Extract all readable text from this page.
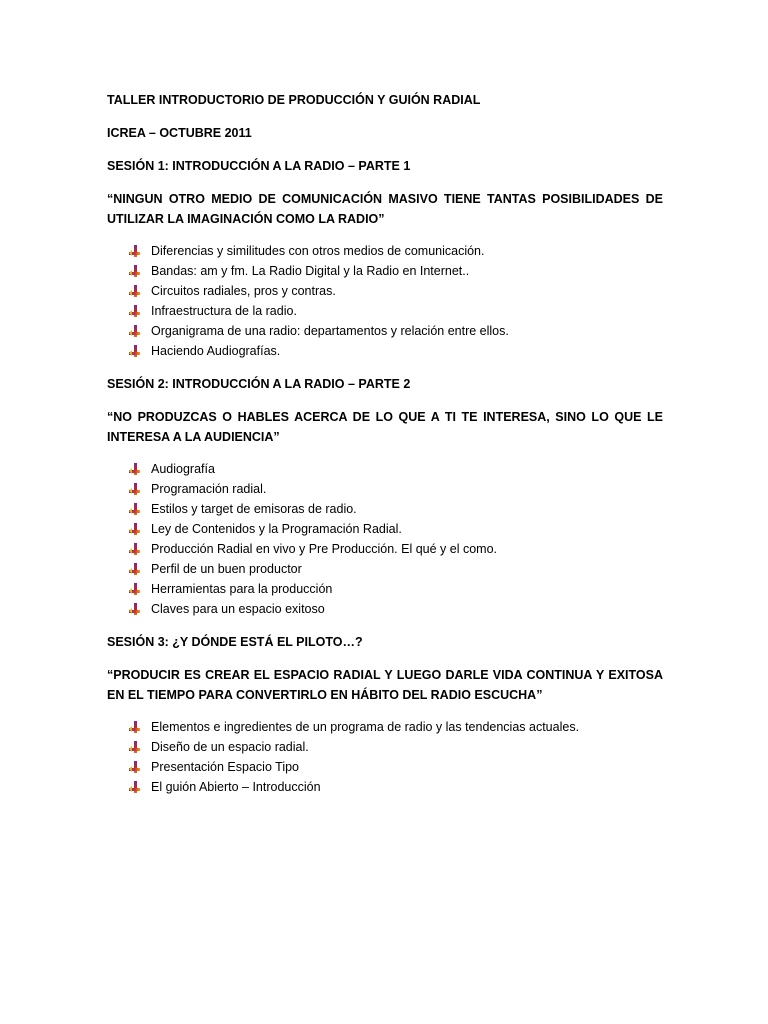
TALLER INTRODUCTORIO DE PRODUCCIÓN Y GUIÓN RADIAL

ICREA – OCTUBRE 2011

SESIÓN 1: INTRODUCCIÓN A LA RADIO – PARTE 1

“NINGUN OTRO MEDIO DE COMUNICACIÓN MASIVO TIENE TANTAS POSIBILIDADES DE UTILIZAR LA IMAGINACIÓN COMO LA RADIO”

Diferencias y similitudes con otros medios de comunicación.
Bandas: am y fm. La Radio Digital y la Radio en Internet..
Circuitos radiales, pros y contras.
Infraestructura de la radio.
Organigrama de una radio: departamentos y relación entre ellos.
Haciendo Audiografías.

SESIÓN 2: INTRODUCCIÓN A LA RADIO – PARTE 2

“NO PRODUZCAS O HABLES ACERCA DE LO QUE A TI TE INTERESA, SINO LO QUE LE INTERESA A LA AUDIENCIA”

Audiografía
Programación radial.
Estilos y target de emisoras de radio.
Ley de Contenidos y la Programación Radial.
Producción Radial en vivo y Pre Producción. El qué y el como.
Perfil de un buen productor
Herramientas para la producción
Claves para un espacio exitoso

SESIÓN 3: ¿Y DÓNDE ESTÁ EL PILOTO…?

“PRODUCIR ES CREAR EL ESPACIO RADIAL Y LUEGO DARLE VIDA CONTINUA Y EXITOSA EN EL TIEMPO PARA CONVERTIRLO EN HÁBITO DEL RADIO ESCUCHA”

Elementos e ingredientes de un programa de radio y las tendencias actuales.
Diseño de un espacio radial.
Presentación Espacio Tipo
El guión Abierto – Introducción
